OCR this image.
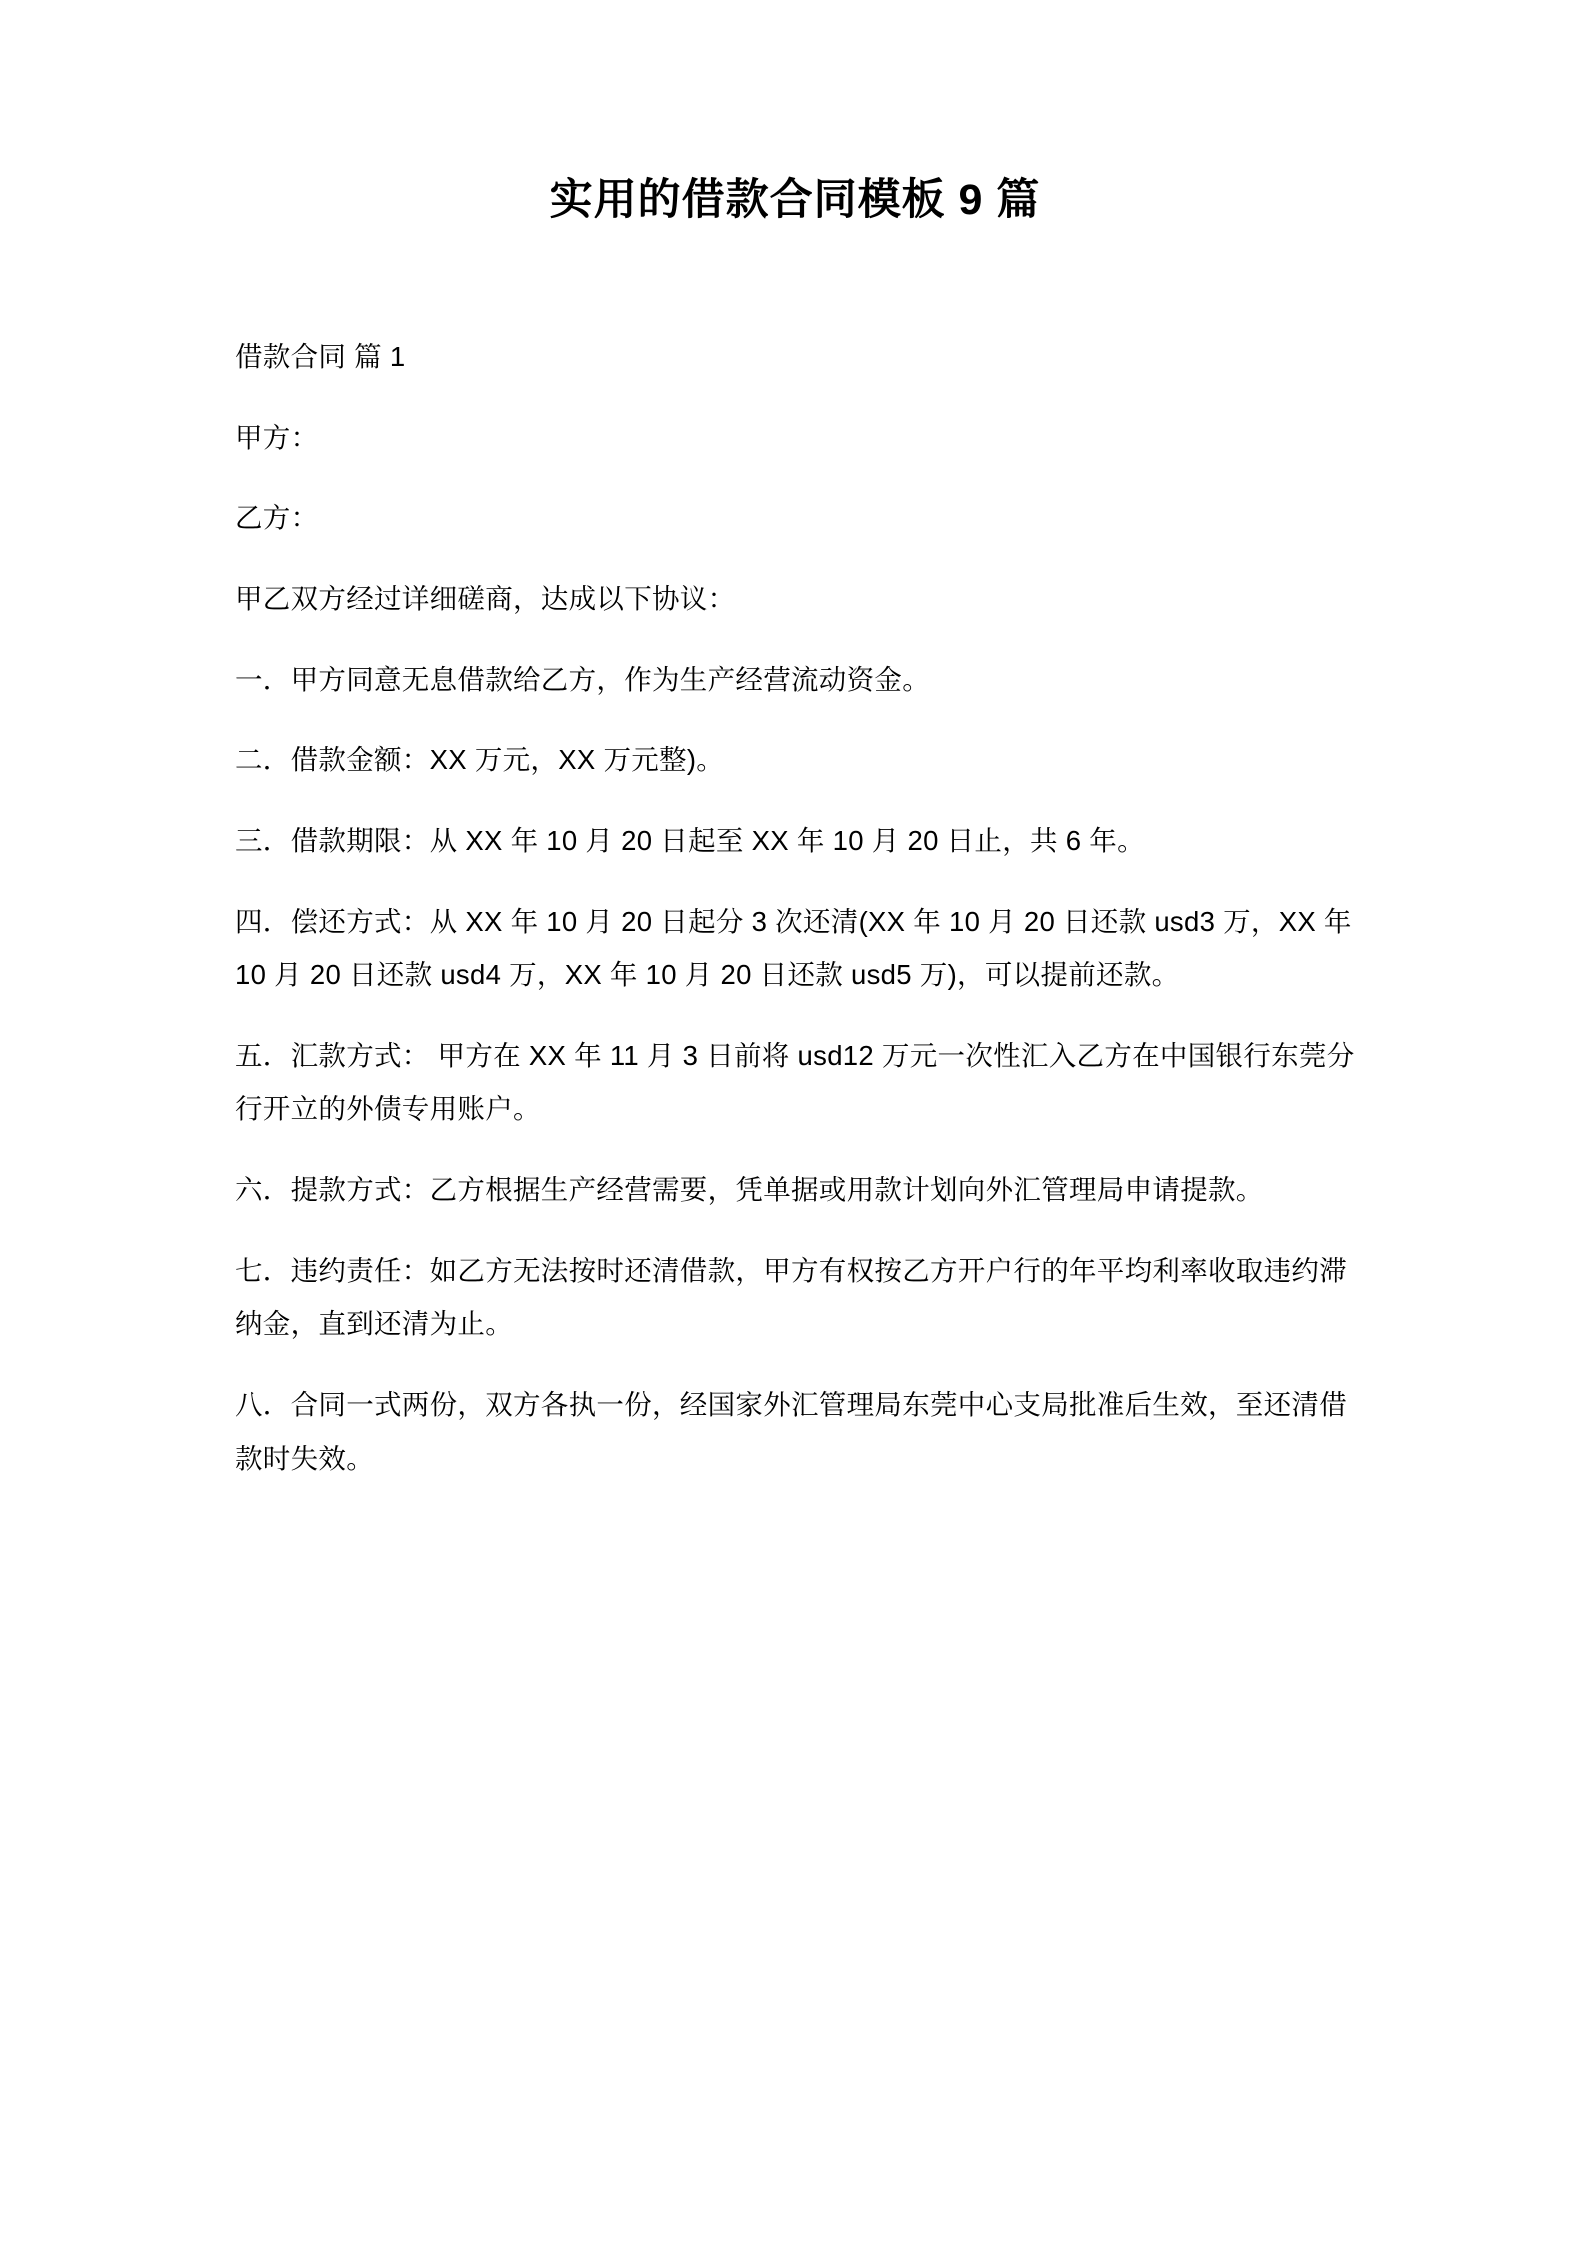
实用的借款合同模板 9 篇

借款合同 篇 1

甲方：

乙方：

甲乙双方经过详细磋商，达成以下协议：

一．甲方同意无息借款给乙方，作为生产经营流动资金。

二．借款金额：XX 万元，XX 万元整)。

三．借款期限：从 XX 年 10 月 20 日起至 XX 年 10 月 20 日止，共 6 年。

四．偿还方式：从 XX 年 10 月 20 日起分 3 次还清(XX 年 10 月 20 日还款 usd3 万，XX 年 10 月 20 日还款 usd4 万，XX 年 10 月 20 日还款 usd5 万)，可以提前还款。

五．汇款方式： 甲方在 XX 年 11 月 3 日前将 usd12 万元一次性汇入乙方在中国银行东莞分行开立的外债专用账户。

六．提款方式：乙方根据生产经营需要，凭单据或用款计划向外汇管理局申请提款。

七．违约责任：如乙方无法按时还清借款，甲方有权按乙方开户行的年平均利率收取违约滞纳金，直到还清为止。

八．合同一式两份，双方各执一份，经国家外汇管理局东莞中心支局批准后生效，至还清借款时失效。
